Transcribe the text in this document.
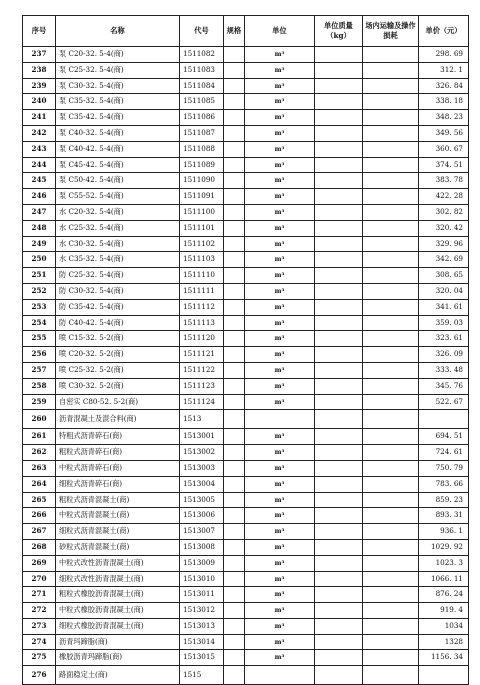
序号	名称	代号	规格	单位	单位质量（kg）	场内运输及操作损耗	单价（元）
237	泵 C20-32. 5-4(商)	1511082		m³			298. 69
238	泵 C25-32. 5-4(商)	1511083		m³			312. 1
239	泵 C30-32. 5-4(商)	1511084		m³			326. 84
240	泵 C35-32. 5-4(商)	1511085		m³			338. 18
241	泵 C35-42. 5-4(商)	1511086		m³			348. 23
242	泵 C40-32. 5-4(商)	1511087		m³			349. 56
243	泵 C40-42. 5-4(商)	1511088		m³			360. 67
244	泵 C45-42. 5-4(商)	1511089		m³			374. 51
245	泵 C50-42. 5-4(商)	1511090		m³			383. 78
246	泵 C55-52. 5-4(商)	1511091		m³			422. 28
247	水 C20-32. 5-4(商)	1511100		m³			302. 82
248	水 C25-32. 5-4(商)	1511101		m³			320. 42
249	水 C30-32. 5-4(商)	1511102		m³			329. 96
250	水 C35-32. 5-4(商)	1511103		m³			342. 69
251	防 C25-32. 5-4(商)	1511110		m³			308. 65
252	防 C30-32. 5-4(商)	1511111		m³			320. 04
253	防 C35-42. 5-4(商)	1511112		m³			341. 61
254	防 C40-42. 5-4(商)	1511113		m³			359. 03
255	喷 C15-32. 5-2(商)	1511120		m³			323. 61
256	喷 C20-32. 5-2(商)	1511121		m³			326. 09
257	喷 C25-32. 5-2(商)	1511122		m³			333. 48
258	喷 C30-32. 5-2(商)	1511123		m³			345. 76
259	自密实 C80-52. 5-2(商)	1511124		m³			522. 67
260	沥青混凝土及混合料(商)	1513					
261	特粗式沥青碎石(商)	1513001		m³			694. 51
262	粗粒式沥青碎石(商)	1513002		m³			724. 61
263	中粒式沥青碎石(商)	1513003		m³			750. 79
264	细粒式沥青碎石(商)	1513004		m³			783. 66
265	粗粒式沥青混凝土(商)	1513005		m³			859. 23
266	中粒式沥青混凝土(商)	1513006		m³			893. 31
267	细粒式沥青混凝土(商)	1513007		m³			936. 1
268	砂粒式沥青混凝土(商)	1513008		m³			1029. 92
269	中粒式改性沥青混凝土(商)	1513009		m³			1023. 3
270	细粒式改性沥青混凝土(商)	1513010		m³			1066. 11
271	粗粒式橡胶沥青混凝土(商)	1513011		m³			876. 24
272	中粒式橡胶沥青混凝土(商)	1513012		m³			919. 4
273	细粒式橡胶沥青混凝土(商)	1513013		m³			1034
274	沥青玛蹄脂(商)	1513014		m³			1328
275	橡胶沥青玛蹄脂(商)	1513015		m³			1156. 34
276	路面稳定土(商)	1515					
